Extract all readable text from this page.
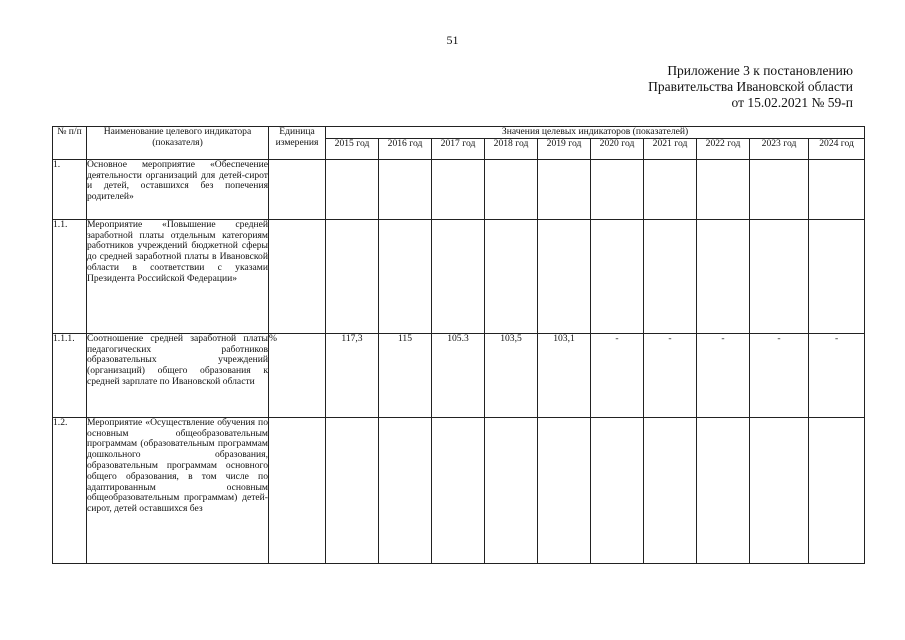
51
Приложение 3 к постановлению
Правительства Ивановской области
от 15.02.2021 № 59-п
№ п/п	Наименование целевого индикатора (показателя)	Единица измерения	Значения целевых индикаторов (показателей)									
			2015 год	2016 год	2017 год	2018 год	2019 год	2020 год	2021 год	2022 год	2023 год	2024 год
1.	Основное мероприятие «Обеспечение деятельности организаций для детей-сирот и детей, оставшихся без попечения родителей»											
1.1.	Мероприятие «Повышение средней заработной платы отдельным категориям работников учреждений бюджетной сферы до средней заработной платы в Ивановской области в соответствии с указами Президента Российской Федерации»											
1.1.1.	Соотношение средней заработной платы педагогических работников образовательных учреждений (организаций) общего образования к средней зарплате по Ивановской области	%	117,3	115	105.3	103,5	103,1	-	-	-	-	-
1.2.	Мероприятие «Осуществление обучения по основным общеобразовательным программам (образовательным программам дошкольного образования, образовательным программам основного общего образования, в том числе по адаптированным основным общеобразовательным программам) детей-сирот, детей оставшихся без											
